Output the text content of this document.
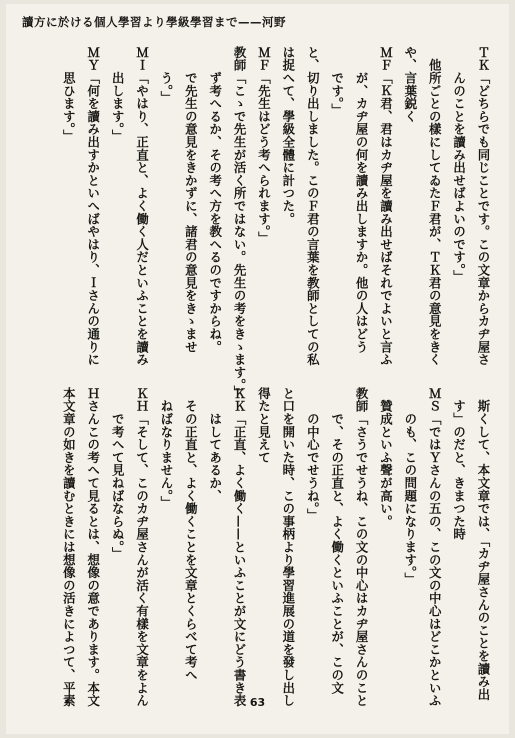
讀方に於ける個人學習より學級學習まで——河野
ＴＫ「どちらでも同じことです。この文章からカヂ屋さ
　　んのことを讀み出せばよいのです。」
　他所ごとの樣にしてゐたＦ君が、ＴＫ君の意見をきく
や、言葉鋭く
ＭＦ「Ｋ君、君はカヂ屋を讀み出せばそれでよいと言ふ
　　が、カヂ屋の何を讀み出しますか。他の人はどう
　　です。」
と、切り出しました。このＦ君の言葉を教師としての私
は捉へて、學級全體に計つた。
ＭＦ「先生はどう考へられます。」
教師「こゝで先生が活く所ではない。先生の考をきゝます。」
　　ず考へるか、その考へ方を教へるのですからね。
　　で先生の意見をきかずに、諸君の意見をきゝませ
　　う。」
ＭＩ「やはり、正直と、よく働く人だといふことを讀み
　　出します。」
ＭＹ「何を讀み出すかといへばやはり、Ｉさんの通りに
　　思ひます。」
　斯くして、本文章では、「カヂ屋さんのことを讀み出
　す」のだと、きまつた時
ＭＳ「ではＹさんの五の、この文の中心はどこかといふ
　　のも、この問題になります。」
　贊成といふ聲が高い。
教師「さうでせうね、この文の中心はカヂ屋さんのこと
　　で、その正直と、よく働くといふことが、この文
　　の中心でせうね。」
と口を開いた時、この事柄より學習進展の道を發し出し
得たと見えて
ＫＫ「正直、よく働く——といふことが文にどう書き表
　　はしてあるか、
　その正直と、よく働くことを文章とくらべて考へ
　ねばなりません。」
ＫＨ「そして、このカヂ屋さんが活く有樣を文章をよん
　　で考へて見ねばならぬ。」
Ｈさんこの考へて見るとは、想像の意であります。本文
本文章の如きを讀むときには想像の活きによつて、平素	63
